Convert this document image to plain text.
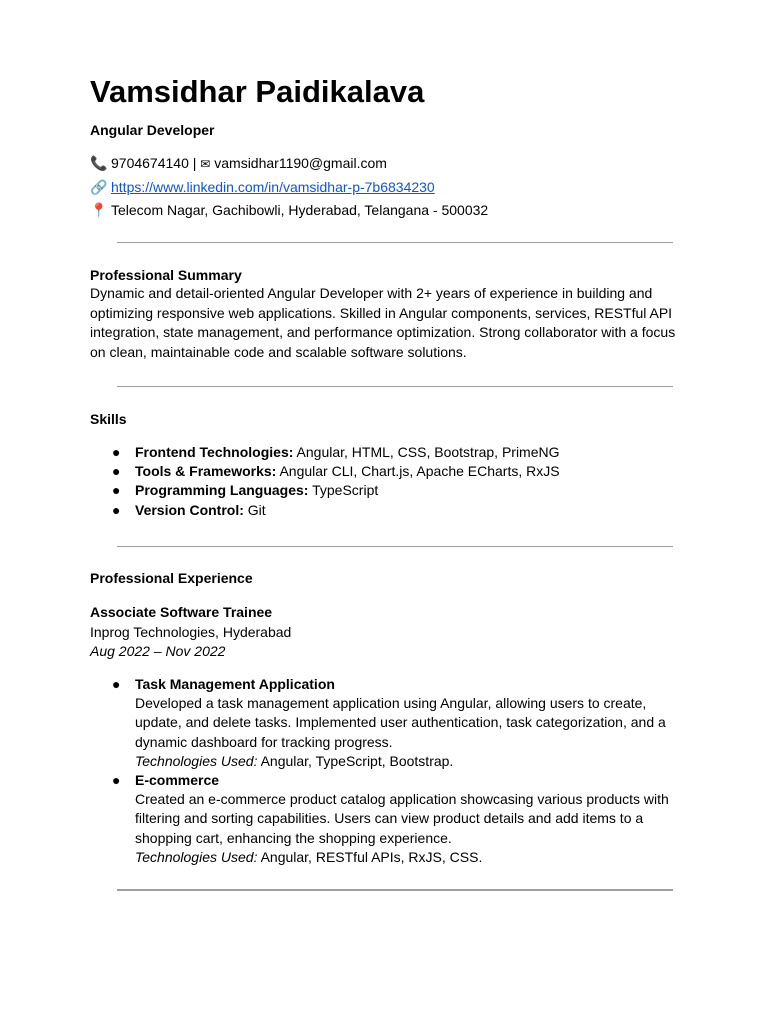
Vamsidhar Paidikalava
Angular Developer
📞 9704674140 | ✉ vamsidhar1190@gmail.com
🔗 https://www.linkedin.com/in/vamsidhar-p-7b6834230
📍 Telecom Nagar, Gachibowli, Hyderabad, Telangana - 500032
Professional Summary
Dynamic and detail-oriented Angular Developer with 2+ years of experience in building and optimizing responsive web applications. Skilled in Angular components, services, RESTful API integration, state management, and performance optimization. Strong collaborator with a focus on clean, maintainable code and scalable software solutions.
Skills
● Frontend Technologies: Angular, HTML, CSS, Bootstrap, PrimeNG
● Tools & Frameworks: Angular CLI, Chart.js, Apache ECharts, RxJS
● Programming Languages: TypeScript
● Version Control: Git
Professional Experience
Associate Software Trainee
Inprog Technologies, Hyderabad
Aug 2022 – Nov 2022
● Task Management Application
Developed a task management application using Angular, allowing users to create, update, and delete tasks. Implemented user authentication, task categorization, and a dynamic dashboard for tracking progress.
Technologies Used: Angular, TypeScript, Bootstrap.
● E-commerce
Created an e-commerce product catalog application showcasing various products with filtering and sorting capabilities. Users can view product details and add items to a shopping cart, enhancing the shopping experience.
Technologies Used: Angular, RESTful APIs, RxJS, CSS.
